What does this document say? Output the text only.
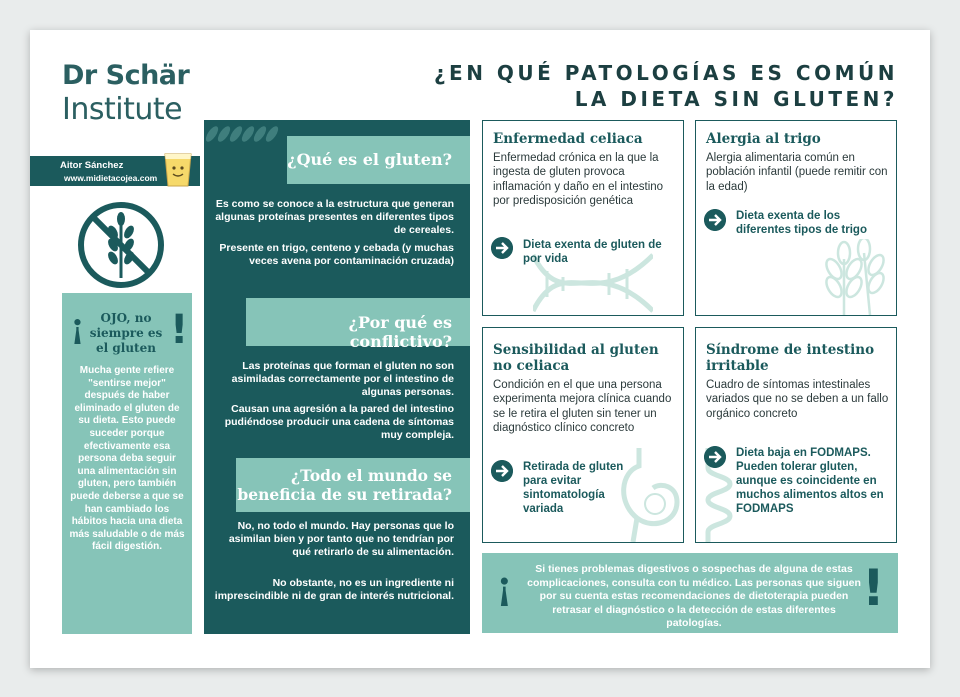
Dr Schär
Institute
¿EN QUÉ PATOLOGÍAS ES COMÚN
LA DIETA SIN GLUTEN?
Aitor Sánchez
www.midietacojea.com
¡	OJO, no siempre es el gluten !
Mucha gente refiere "sentirse mejor" después de haber eliminado el gluten de su dieta. Esto puede suceder porque efectivamente esa persona deba seguir una alimentación sin gluten, pero también puede deberse a que se han cambiado los hábitos hacia una dieta más saludable o de más fácil digestión.
¿Qué es el gluten?
Es como se conoce a la estructura que generan algunas proteínas presentes en diferentes tipos de cereales.
Presente en trigo, centeno y cebada (y muchas veces avena por contaminación cruzada)
¿Por qué es conflictivo?
Las proteínas que forman el gluten no son asimiladas correctamente por el intestino de algunas personas.
Causan una agresión a la pared del intestino pudiéndose producir una cadena de síntomas muy compleja.
¿Todo el mundo se beneficia de su retirada?
No, no todo el mundo. Hay personas que lo asimilan bien y por tanto que no tendrían por qué retirarlo de su alimentación.
No obstante, no es un ingrediente ni imprescindible ni de gran de interés nutricional.
Enfermedad celiaca
Enfermedad crónica en la que la ingesta de gluten provoca inflamación y daño en el intestino por predisposición genética
Dieta exenta de gluten de por vida
Alergia al trigo
Alergia alimentaria común en población infantil (puede remitir con la edad)
Dieta exenta de los diferentes tipos de trigo
Sensibilidad al gluten no celiaca
Condición en el que una persona experimenta mejora clínica cuando se le retira el gluten sin tener un diagnóstico clínico concreto
Retirada de gluten para evitar sintomatología variada
Síndrome de intestino irritable
Cuadro de síntomas intestinales variados que no se deben a un fallo orgánico concreto
Dieta baja en FODMAPS. Pueden tolerar gluten, aunque es coincidente en muchos alimentos altos en FODMAPS
¡	Si tienes problemas digestivos o sospechas de alguna de estas complicaciones, consulta con tu médico. Las personas que siguen por su cuenta estas recomendaciones de dietoterapia pueden retrasar el diagnóstico o la detección de estas diferentes patologías.
!
